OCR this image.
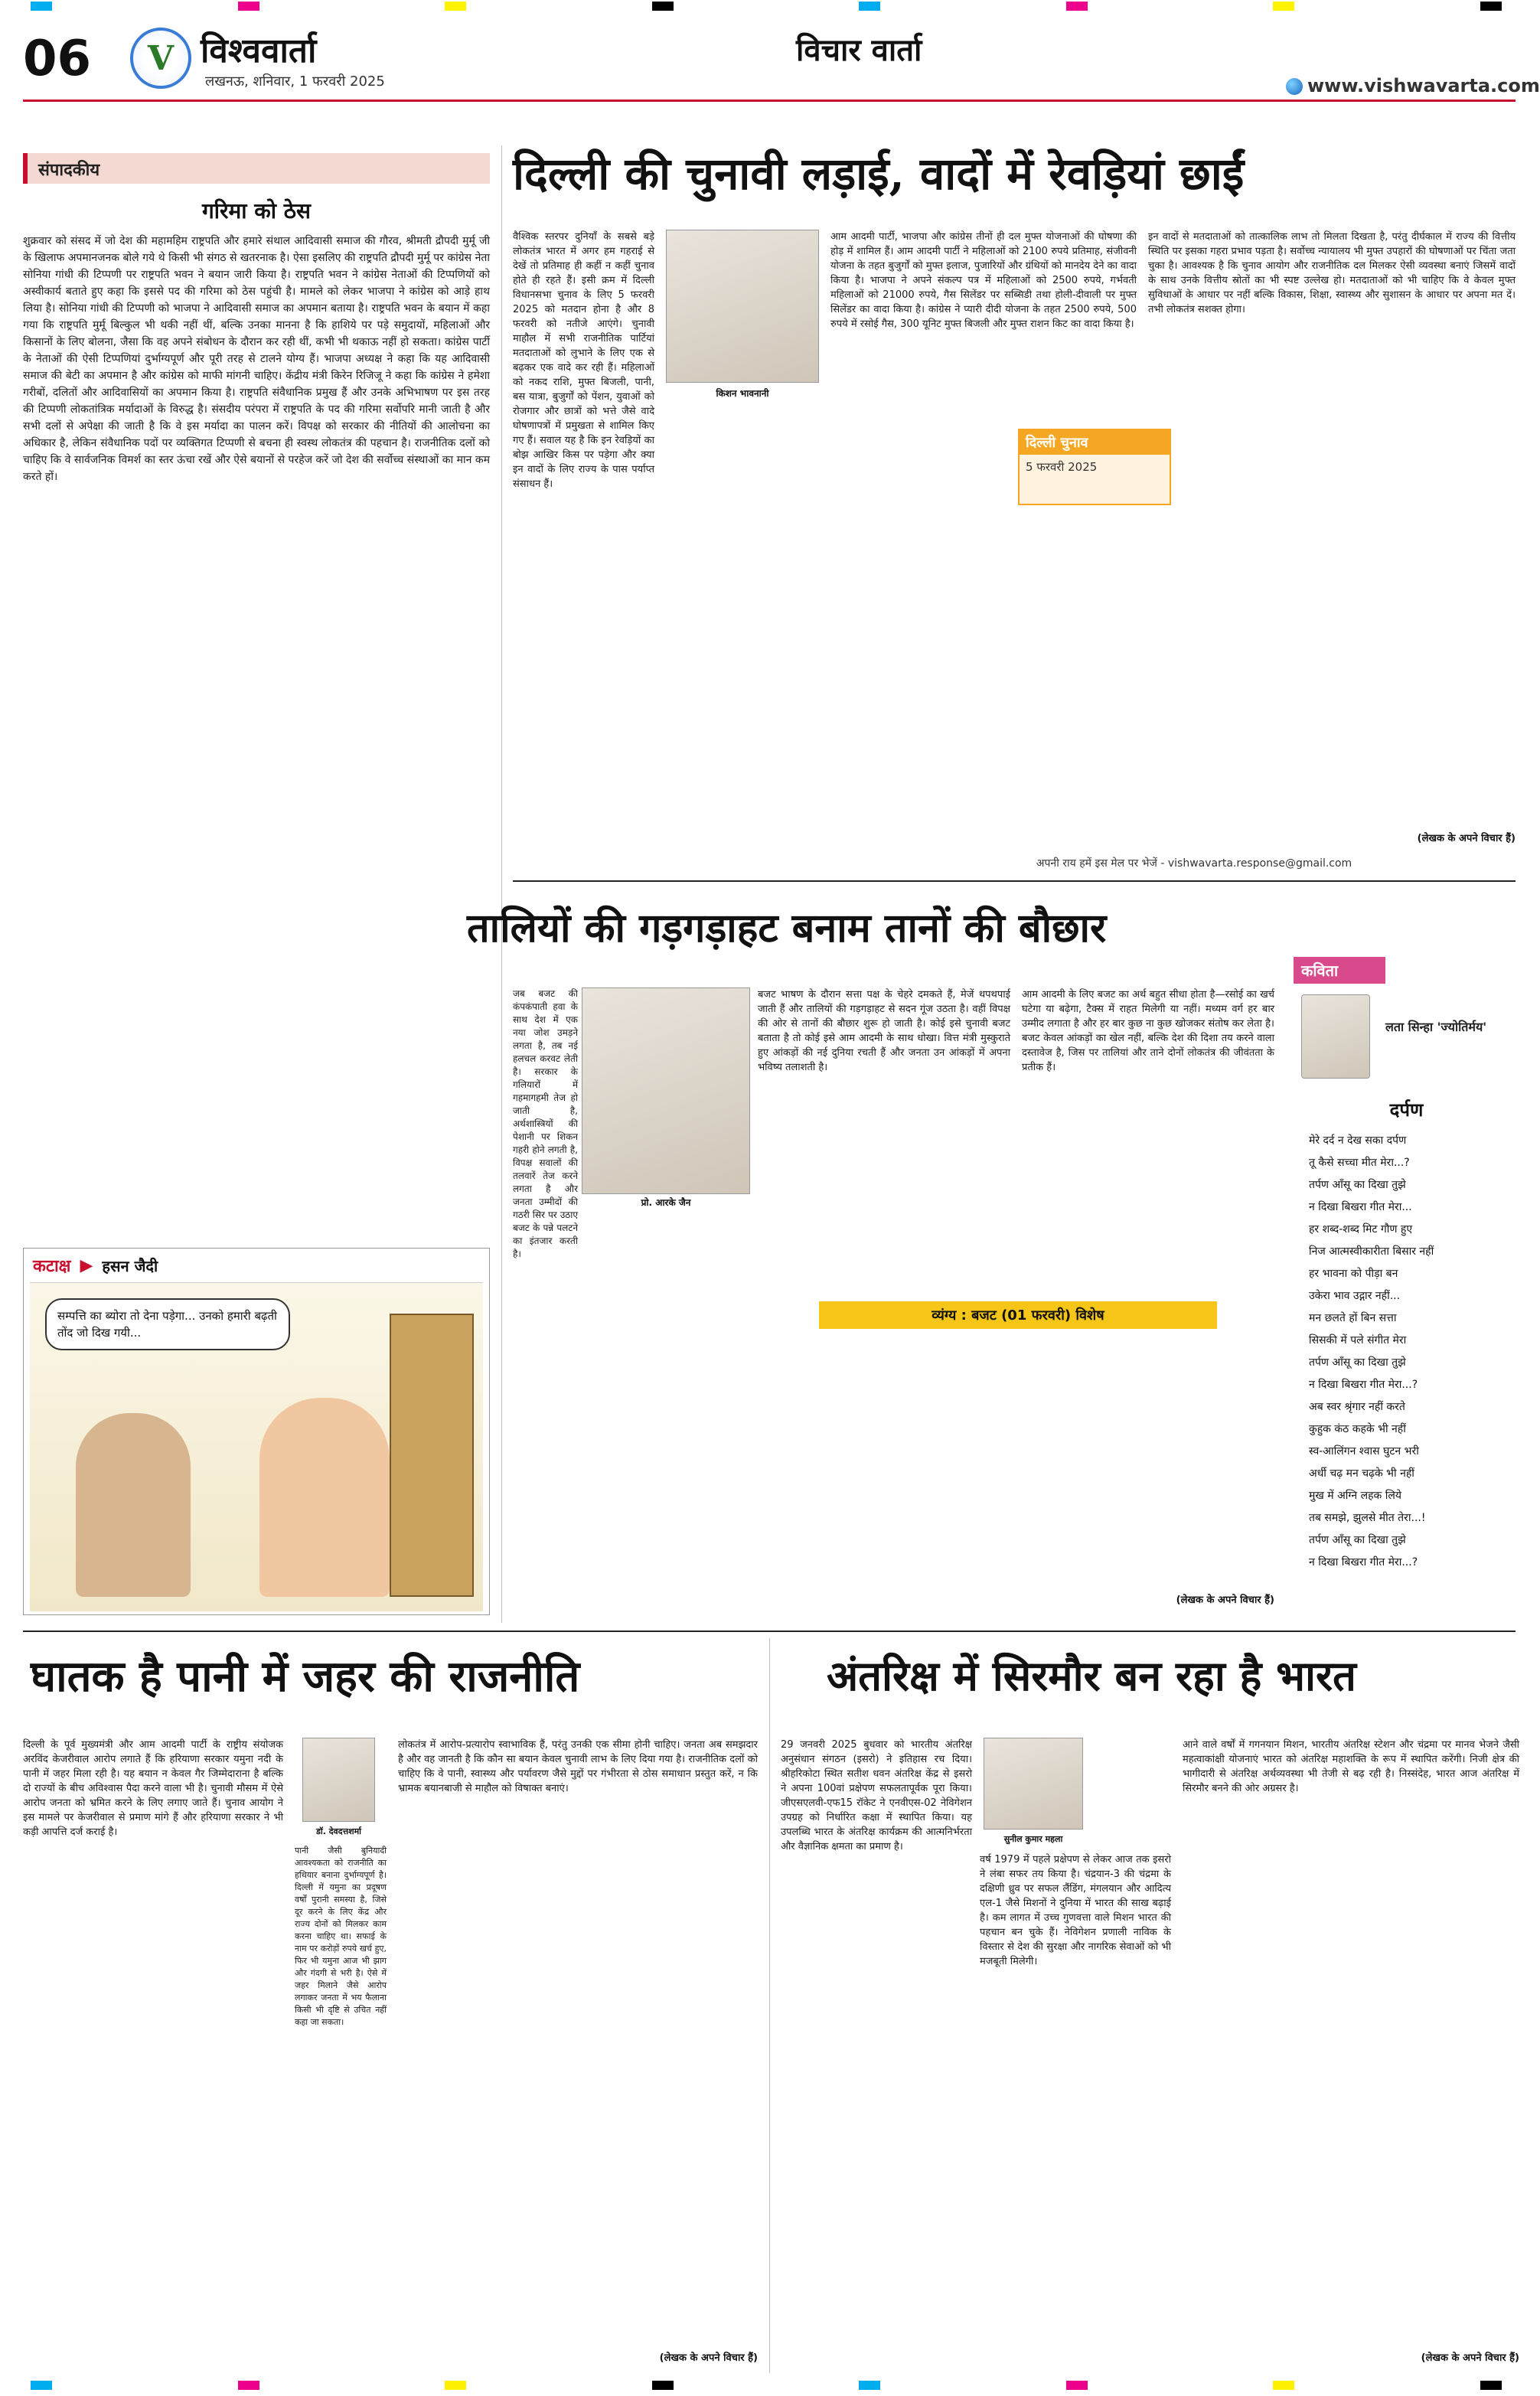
06	V विश्ववार्ता
लखनऊ, शनिवार, 1 फरवरी 2025
विचार वार्ता
www.vishwavarta.com
संपादकीय
गरिमा को ठेस
शुक्रवार को संसद में जो देश की महामहिम राष्ट्रपति और हमारे संथाल आदिवासी समाज की गौरव, श्रीमती द्रौपदी मुर्मू जी के खिलाफ अपमानजनक बोले गये थे किसी भी संगठ से खतरनाक है। ऐसा इसलिए की राष्ट्रपति द्रौपदी मुर्मू पर कांग्रेस नेता सोनिया गांधी की टिप्पणी पर राष्ट्रपति भवन ने बयान जारी किया है। राष्ट्रपति भवन ने कांग्रेस नेताओं की टिप्पणियों को अस्वीकार्य बताते हुए कहा कि इससे पद की गरिमा को ठेस पहुंची है। मामले को लेकर भाजपा ने कांग्रेस को आड़े हाथ लिया है। सोनिया गांधी की टिप्पणी को भाजपा ने आदिवासी समाज का अपमान बताया है। राष्ट्रपति भवन के बयान में कहा गया कि राष्ट्रपति मुर्मू बिल्कुल भी थकी नहीं थीं, बल्कि उनका मानना है कि हाशिये पर पड़े समुदायों, महिलाओं और किसानों के लिए बोलना, जैसा कि वह अपने संबोधन के दौरान कर रही थीं, कभी भी थकाऊ नहीं हो सकता। कांग्रेस पार्टी के नेताओं की ऐसी टिप्पणियां दुर्भाग्यपूर्ण और पूरी तरह से टालने योग्य हैं। भाजपा अध्यक्ष ने कहा कि यह आदिवासी समाज की बेटी का अपमान है और कांग्रेस को माफी मांगनी चाहिए। केंद्रीय मंत्री किरेन रिजिजू ने कहा कि कांग्रेस ने हमेशा गरीबों, दलितों और आदिवासियों का अपमान किया है। राष्ट्रपति संवैधानिक प्रमुख हैं और उनके अभिभाषण पर इस तरह की टिप्पणी लोकतांत्रिक मर्यादाओं के विरुद्ध है। संसदीय परंपरा में राष्ट्रपति के पद की गरिमा सर्वोपरि मानी जाती है और सभी दलों से अपेक्षा की जाती है कि वे इस मर्यादा का पालन करें। विपक्ष को सरकार की नीतियों की आलोचना का अधिकार है, लेकिन संवैधानिक पदों पर व्यक्तिगत टिप्पणी से बचना ही स्वस्थ लोकतंत्र की पहचान है। राजनीतिक दलों को चाहिए कि वे सार्वजनिक विमर्श का स्तर ऊंचा रखें और ऐसे बयानों से परहेज करें जो देश की सर्वोच्च संस्थाओं का मान कम करते हों।
कटाक्ष ▶ हसन जैदी
सम्पत्ति का ब्योरा तो देना पड़ेगा... उनको हमारी बढ़ती तोंद जो दिख गयी...
दिल्ली की चुनावी लड़ाई, वादों में रेवड़ियां छाईं
किशन भावनानी
वैश्विक स्तरपर दुनियाँ के सबसे बड़े लोकतंत्र भारत में अगर हम गहराई से देखें तो प्रतिमाह ही कहीं न कहीं चुनाव होते ही रहते हैं। इसी क्रम में दिल्ली विधानसभा चुनाव के लिए 5 फरवरी 2025 को मतदान होना है और 8 फरवरी को नतीजे आएंगे। चुनावी माहौल में सभी राजनीतिक पार्टियां मतदाताओं को लुभाने के लिए एक से बढ़कर एक वादे कर रही हैं। महिलाओं को नकद राशि, मुफ्त बिजली, पानी, बस यात्रा, बुजुर्गों को पेंशन, युवाओं को रोजगार और छात्रों को भत्ते जैसे वादे घोषणापत्रों में प्रमुखता से शामिल किए गए हैं। सवाल यह है कि इन रेवड़ियों का बोझ आखिर किस पर पड़ेगा और क्या इन वादों के लिए राज्य के पास पर्याप्त संसाधन हैं।
आम आदमी पार्टी, भाजपा और कांग्रेस तीनों ही दल मुफ्त योजनाओं की घोषणा की होड़ में शामिल हैं। आम आदमी पार्टी ने महिलाओं को 2100 रुपये प्रतिमाह, संजीवनी योजना के तहत बुजुर्गों को मुफ्त इलाज, पुजारियों और ग्रंथियों को मानदेय देने का वादा किया है। भाजपा ने अपने संकल्प पत्र में महिलाओं को 2500 रुपये, गर्भवती महिलाओं को 21000 रुपये, गैस सिलेंडर पर सब्सिडी तथा होली-दीवाली पर मुफ्त सिलेंडर का वादा किया है। कांग्रेस ने प्यारी दीदी योजना के तहत 2500 रुपये, 500 रुपये में रसोई गैस, 300 यूनिट मुफ्त बिजली और मुफ्त राशन किट का वादा किया है।
दिल्ली चुनाव
5 फरवरी 2025
इन वादों से मतदाताओं को तात्कालिक लाभ तो मिलता दिखता है, परंतु दीर्घकाल में राज्य की वित्तीय स्थिति पर इसका गहरा प्रभाव पड़ता है। सर्वोच्च न्यायालय भी मुफ्त उपहारों की घोषणाओं पर चिंता जता चुका है। आवश्यक है कि चुनाव आयोग और राजनीतिक दल मिलकर ऐसी व्यवस्था बनाएं जिसमें वादों के साथ उनके वित्तीय स्रोतों का भी स्पष्ट उल्लेख हो। मतदाताओं को भी चाहिए कि वे केवल मुफ्त सुविधाओं के आधार पर नहीं बल्कि विकास, शिक्षा, स्वास्थ्य और सुशासन के आधार पर अपना मत दें। तभी लोकतंत्र सशक्त होगा।
(लेखक के अपने विचार हैं)
अपनी राय हमें इस मेल पर भेजें - vishwavarta.response@gmail.com
तालियों की गड़गड़ाहट बनाम तानों की बौछार
प्रो. आरके जैन
जब बजट की कंपकंपाती हवा के साथ देश में एक नया जोश उमड़ने लगता है, तब नई हलचल करवट लेती है। सरकार के गलियारों में गहमागहमी तेज हो जाती है, अर्थशास्त्रियों की पेशानी पर शिकन गहरी होने लगती है, विपक्ष सवालों की तलवारें तेज करने लगता है और जनता उम्मीदों की गठरी सिर पर उठाए बजट के पन्ने पलटने का इंतजार करती है।
बजट भाषण के दौरान सत्ता पक्ष के चेहरे दमकते हैं, मेजें थपथपाई जाती हैं और तालियों की गड़गड़ाहट से सदन गूंज उठता है। वहीं विपक्ष की ओर से तानों की बौछार शुरू हो जाती है। कोई इसे चुनावी बजट बताता है तो कोई इसे आम आदमी के साथ धोखा। वित्त मंत्री मुस्कुराते हुए आंकड़ों की नई दुनिया रचती हैं और जनता उन आंकड़ों में अपना भविष्य तलाशती है।
व्यंग्य : बजट (01 फरवरी) विशेष
आम आदमी के लिए बजट का अर्थ बहुत सीधा होता है—रसोई का खर्च घटेगा या बढ़ेगा, टैक्स में राहत मिलेगी या नहीं। मध्यम वर्ग हर बार उम्मीद लगाता है और हर बार कुछ ना कुछ खोजकर संतोष कर लेता है। बजट केवल आंकड़ों का खेल नहीं, बल्कि देश की दिशा तय करने वाला दस्तावेज है, जिस पर तालियां और ताने दोनों लोकतंत्र की जीवंतता के प्रतीक हैं।
(लेखक के अपने विचार हैं)
कविता
लता सिन्हा 'ज्योतिर्मय'
दर्पण
मेरे दर्द न देख सका दर्पण
तू कैसे सच्चा मीत मेरा...?
तर्पण ऑंसू का दिखा तुझे
न दिखा बिखरा गीत मेरा...
हर शब्द-शब्द मिट गौण हुए
निज आत्मस्वीकारीता बिसार नहीं
हर भावना को पीड़ा बन
उकेरा भाव उद्गार नहीं...
मन छलते हों बिन सत्ता
सिसकी में पले संगीत मेरा
तर्पण आँसू का दिखा तुझे
न दिखा बिखरा गीत मेरा...?
अब स्वर श्रृंगार नहीं करते
कुहुक कंठ कहके भी नहीं
स्व-आलिंगन श्वास घुटन भरी
अर्धी चढ़ मन चढ़के भी नहीं
मुख में अग्नि लहक लिये
तब समझे, झुलसे मीत तेरा...!
तर्पण आँसू का दिखा तुझे
न दिखा बिखरा गीत मेरा...?
घातक है पानी में जहर की राजनीति
दिल्ली के पूर्व मुख्यमंत्री और आम आदमी पार्टी के राष्ट्रीय संयोजक अरविंद केजरीवाल आरोप लगाते हैं कि हरियाणा सरकार यमुना नदी के पानी में जहर मिला रही है। यह बयान न केवल गैर जिम्मेदाराना है बल्कि दो राज्यों के बीच अविश्वास पैदा करने वाला भी है। चुनावी मौसम में ऐसे आरोप जनता को भ्रमित करने के लिए लगाए जाते हैं। चुनाव आयोग ने इस मामले पर केजरीवाल से प्रमाण मांगे हैं और हरियाणा सरकार ने भी कड़ी आपत्ति दर्ज कराई है।	डॉ. देवदत्तशर्मा
पानी जैसी बुनियादी आवश्यकता को राजनीति का हथियार बनाना दुर्भाग्यपूर्ण है। दिल्ली में यमुना का प्रदूषण वर्षों पुरानी समस्या है, जिसे दूर करने के लिए केंद्र और राज्य दोनों को मिलकर काम करना चाहिए था। सफाई के नाम पर करोड़ों रुपये खर्च हुए, फिर भी यमुना आज भी झाग और गंदगी से भरी है। ऐसे में जहर मिलाने जैसे आरोप लगाकर जनता में भय फैलाना किसी भी दृष्टि से उचित नहीं कहा जा सकता।
लोकतंत्र में आरोप-प्रत्यारोप स्वाभाविक हैं, परंतु उनकी एक सीमा होनी चाहिए। जनता अब समझदार है और वह जानती है कि कौन सा बयान केवल चुनावी लाभ के लिए दिया गया है। राजनीतिक दलों को चाहिए कि वे पानी, स्वास्थ्य और पर्यावरण जैसे मुद्दों पर गंभीरता से ठोस समाधान प्रस्तुत करें, न कि भ्रामक बयानबाजी से माहौल को विषाक्त बनाएं।
(लेखक के अपने विचार हैं)
अंतरिक्ष में सिरमौर बन रहा है भारत
29 जनवरी 2025 बुधवार को भारतीय अंतरिक्ष अनुसंधान संगठन (इसरो) ने इतिहास रच दिया। श्रीहरिकोटा स्थित सतीश धवन अंतरिक्ष केंद्र से इसरो ने अपना 100वां प्रक्षेपण सफलतापूर्वक पूरा किया। जीएसएलवी-एफ15 रॉकेट ने एनवीएस-02 नेविगेशन उपग्रह को निर्धारित कक्षा में स्थापित किया। यह उपलब्धि भारत के अंतरिक्ष कार्यक्रम की आत्मनिर्भरता और वैज्ञानिक क्षमता का प्रमाण है।
सुनील कुमार महला
वर्ष 1979 में पहले प्रक्षेपण से लेकर आज तक इसरो ने लंबा सफर तय किया है। चंद्रयान-3 की चंद्रमा के दक्षिणी ध्रुव पर सफल लैंडिंग, मंगलयान और आदित्य एल-1 जैसे मिशनों ने दुनिया में भारत की साख बढ़ाई है। कम लागत में उच्च गुणवत्ता वाले मिशन भारत की पहचान बन चुके हैं। नेविगेशन प्रणाली नाविक के विस्तार से देश की सुरक्षा और नागरिक सेवाओं को भी मजबूती मिलेगी।
आने वाले वर्षों में गगनयान मिशन, भारतीय अंतरिक्ष स्टेशन और चंद्रमा पर मानव भेजने जैसी महत्वाकांक्षी योजनाएं भारत को अंतरिक्ष महाशक्ति के रूप में स्थापित करेंगी। निजी क्षेत्र की भागीदारी से अंतरिक्ष अर्थव्यवस्था भी तेजी से बढ़ रही है। निस्संदेह, भारत आज अंतरिक्ष में सिरमौर बनने की ओर अग्रसर है।
(लेखक के अपने विचार हैं)
